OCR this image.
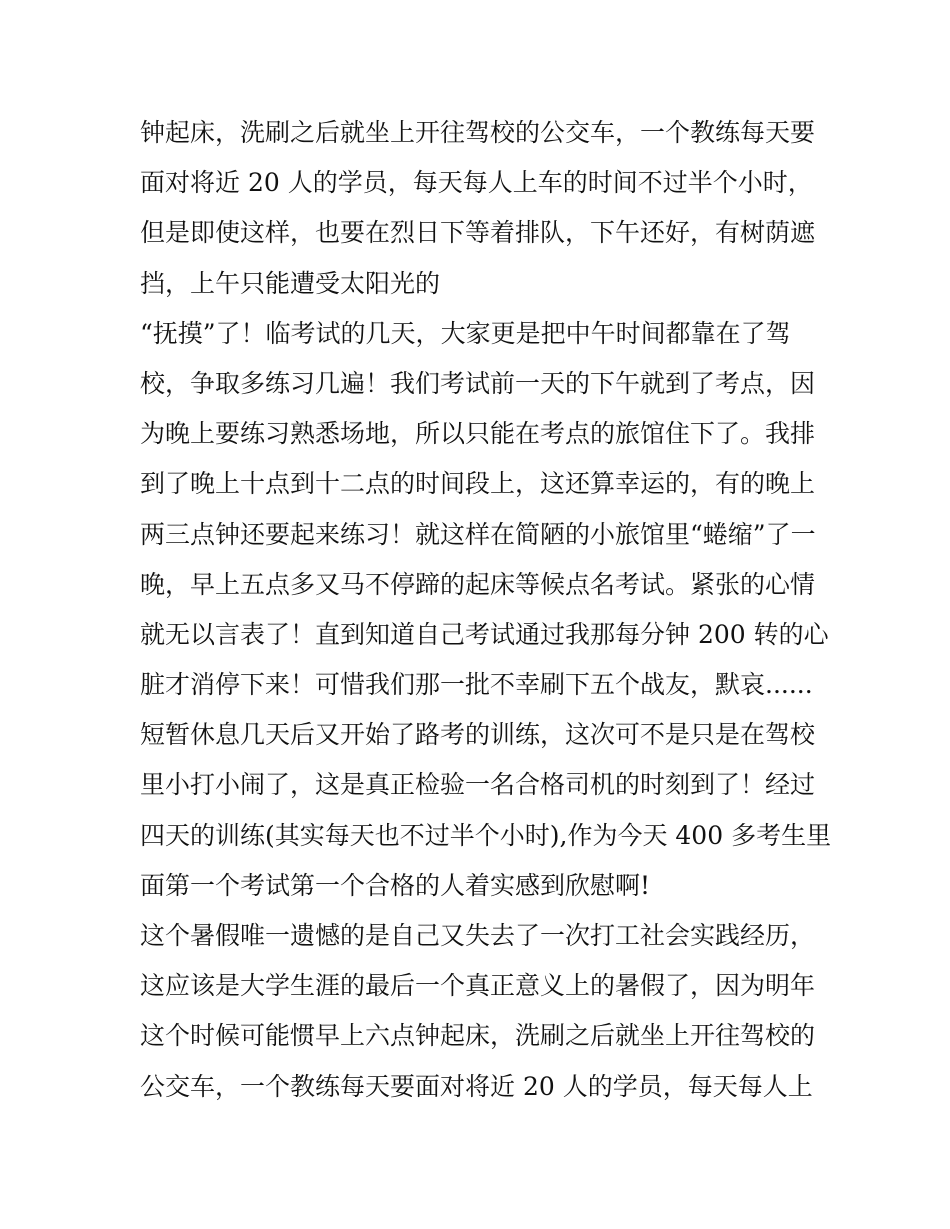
钟起床，洗刷之后就坐上开往驾校的公交车，一个教练每天要
面对将近 20 人的学员，每天每人上车的时间不过半个小时，
但是即使这样，也要在烈日下等着排队，下午还好，有树荫遮
挡，上午只能遭受太阳光的
“抚摸”了！临考试的几天，大家更是把中午时间都靠在了驾
校，争取多练习几遍！我们考试前一天的下午就到了考点，因
为晚上要练习熟悉场地，所以只能在考点的旅馆住下了。我排
到了晚上十点到十二点的时间段上，这还算幸运的，有的晚上
两三点钟还要起来练习！就这样在简陋的小旅馆里“蜷缩”了一
晚，早上五点多又马不停蹄的起床等候点名考试。紧张的心情
就无以言表了！直到知道自己考试通过我那每分钟 200 转的心
脏才消停下来！可惜我们那一批不幸刷下五个战友，默哀......
短暂休息几天后又开始了路考的训练，这次可不是只是在驾校
里小打小闹了，这是真正检验一名合格司机的时刻到了！经过
四天的训练(其实每天也不过半个小时),作为今天 400 多考生里
面第一个考试第一个合格的人着实感到欣慰啊!
这个暑假唯一遗憾的是自己又失去了一次打工社会实践经历，
这应该是大学生涯的最后一个真正意义上的暑假了，因为明年
这个时候可能惯早上六点钟起床，洗刷之后就坐上开往驾校的
公交车，一个教练每天要面对将近 20 人的学员，每天每人上
